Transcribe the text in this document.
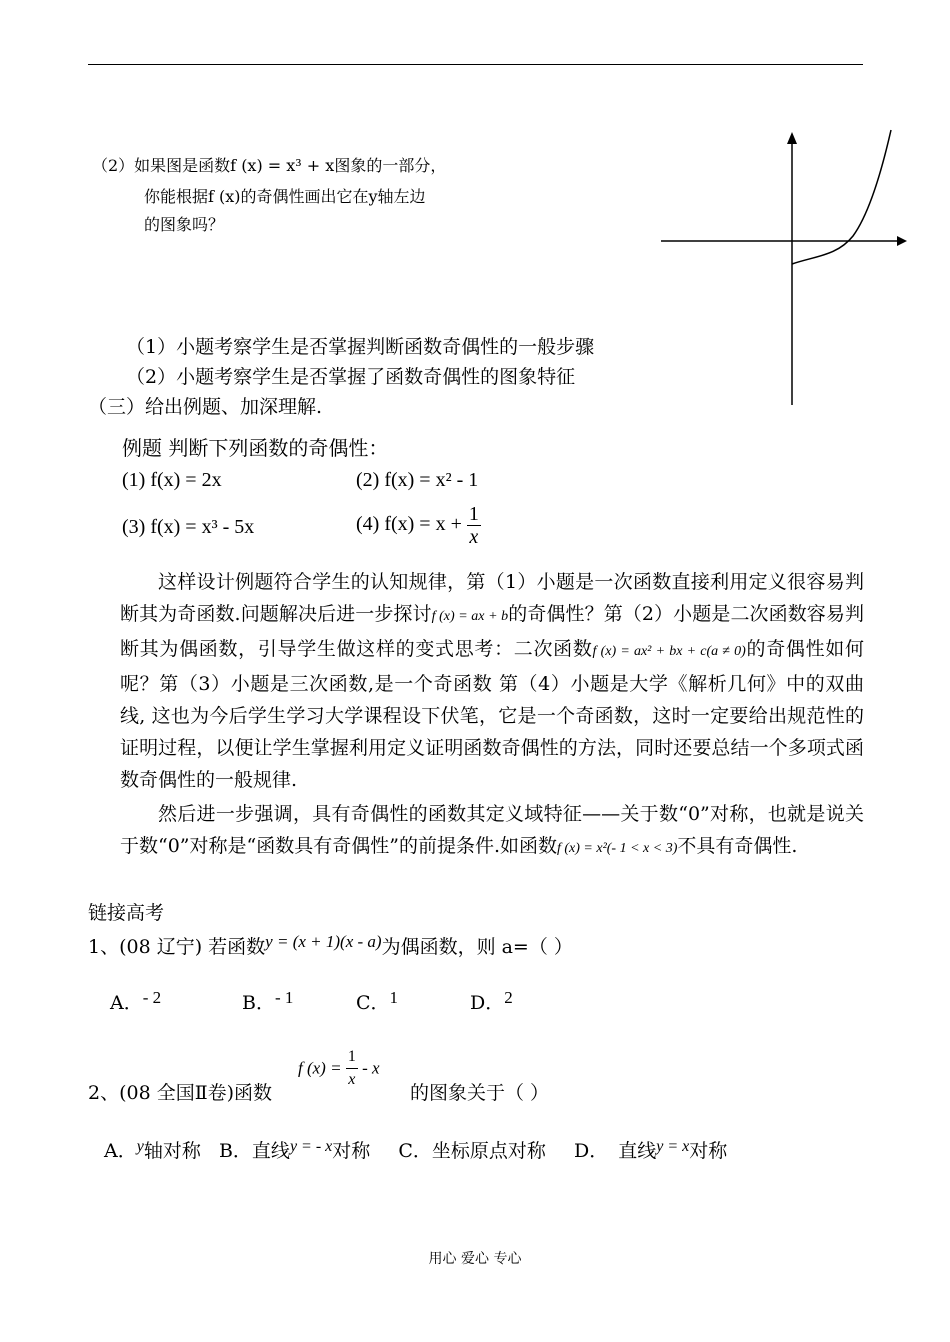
（2）如果图是函数f (x) = x³ + x图象的一部分，
你能根据f (x)的奇偶性画出它在y轴左边
的图象吗？
（1）小题考察学生是否掌握判断函数奇偶性的一般步骤
（2）小题考察学生是否掌握了函数奇偶性的图象特征
（三）给出例题、加深理解.
例题 判断下列函数的奇偶性：
(1) f(x) = 2x	(2) f(x) = x² - 1
(3) f(x) = x³ - 5x	(4) $f(x) = x + \frac{1}{x}$

这样设计例题符合学生的认知规律，第（1）小题是一次函数直接利用定义很容易判断其为奇函数.问题解决后进一步探讨f (x) = ax + b的奇偶性？第（2）小题是二次函数容易判断其为偶函数，引导学生做这样的变式思考：二次函数f (x) = ax² + bx + c(a ≠ 0)的奇偶性如何呢？第（3）小题是三次函数,是一个奇函数 第（4）小题是大学《解析几何》中的双曲线, 这也为今后学生学习大学课程设下伏笔，它是一个奇函数，这时一定要给出规范性的证明过程，以便让学生掌握利用定义证明函数奇偶性的方法，同时还要总结一个多项式函数奇偶性的一般规律.

然后进一步强调，具有奇偶性的函数其定义域特征——关于数“0”对称，也就是说关于数“0”对称是“函数具有奇偶性”的前提条件.如函数f (x) = x²(- 1 < x < 3)不具有奇偶性.

链接高考
1、(08 辽宁) 若函数y = (x + 1)(x - a)为偶函数，则 a=（ ）
A．- 2	B．- 1	C．1	D．2
2、(08 全国Ⅱ卷)函数
f $(x) = \frac{1}{x} - x$
的图象关于（ ）
A．$^y$轴对称 B．直线$^{y = - x}$对称 C．坐标原点对称 D． 直线$^{y = x}$对称
用心 爱心 专心
